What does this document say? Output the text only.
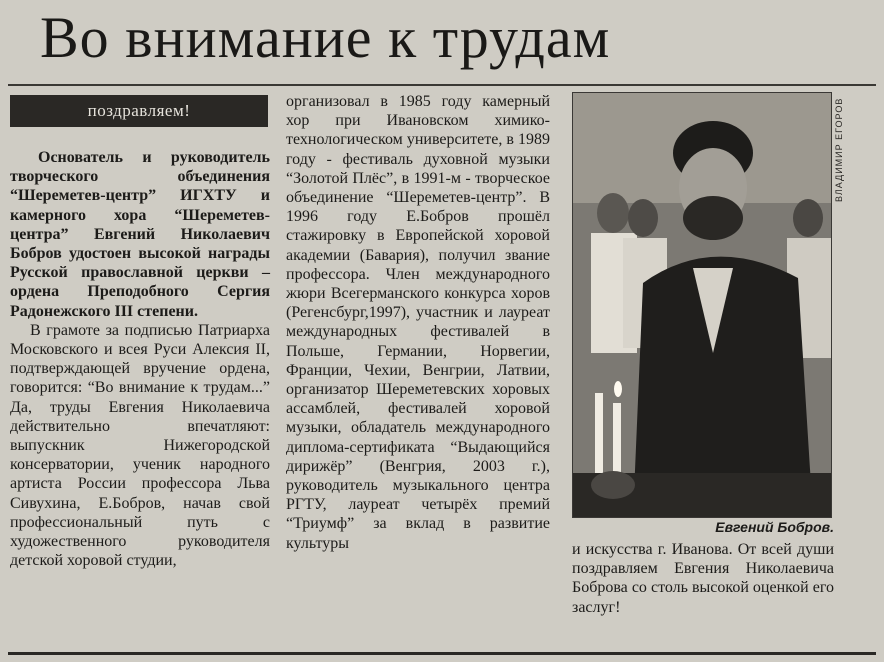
Во внимание к трудам
поздравляем!

Основатель и руководитель творческого объединения “Шереметев-центр” ИГХТУ и камерного хора “Шереметев-центра” Евгений Николаевич Бобров удостоен высокой награды Русской православной церкви – ордена Преподобного Сергия Радонежского III степени.

В грамоте за подписью Патриарха Московского и всея Руси Алексия II, подтверждающей вручение ордена, говорится: “Во внимание к трудам...” Да, труды Евгения Николаевича действительно впечатляют: выпускник Нижегородской консерватории, ученик народного артиста России профессора Льва Сивухина, Е.Бобров, начав свой профессиональный путь с художественного руководителя детской хоровой студии,

организовал в 1985 году камерный хор при Ивановском химико-технологическом университете, в 1989 году - фестиваль духовной музыки “Золотой Плёс”, в 1991-м - творческое объединение “Шереметев-центр”. В 1996 году Е.Бобров прошёл стажировку в Европейской хоровой академии (Бавария), получил звание профессора. Член международного жюри Всегерманского конкурса хоров (Регенсбург,1997), участник и лауреат международных фестивалей в Польше, Германии, Норвегии, Франции, Чехии, Венгрии, Латвии, организатор Шереметевских хоровых ассамблей, фестивалей хоровой музыки, обладатель международного диплома-сертификата “Выдающийся дирижёр” (Венгрия, 2003 г.), руководитель музыкального центра РГТУ, лауреат четырёх премий “Триумф” за вклад в развитие культуры
ВЛАДИМИР ЕГОРОВ
Евгений Бобров.
и искусства г. Иванова. От всей души поздравляем Евгения Николаевича Боброва со столь высокой оценкой его заслуг!
